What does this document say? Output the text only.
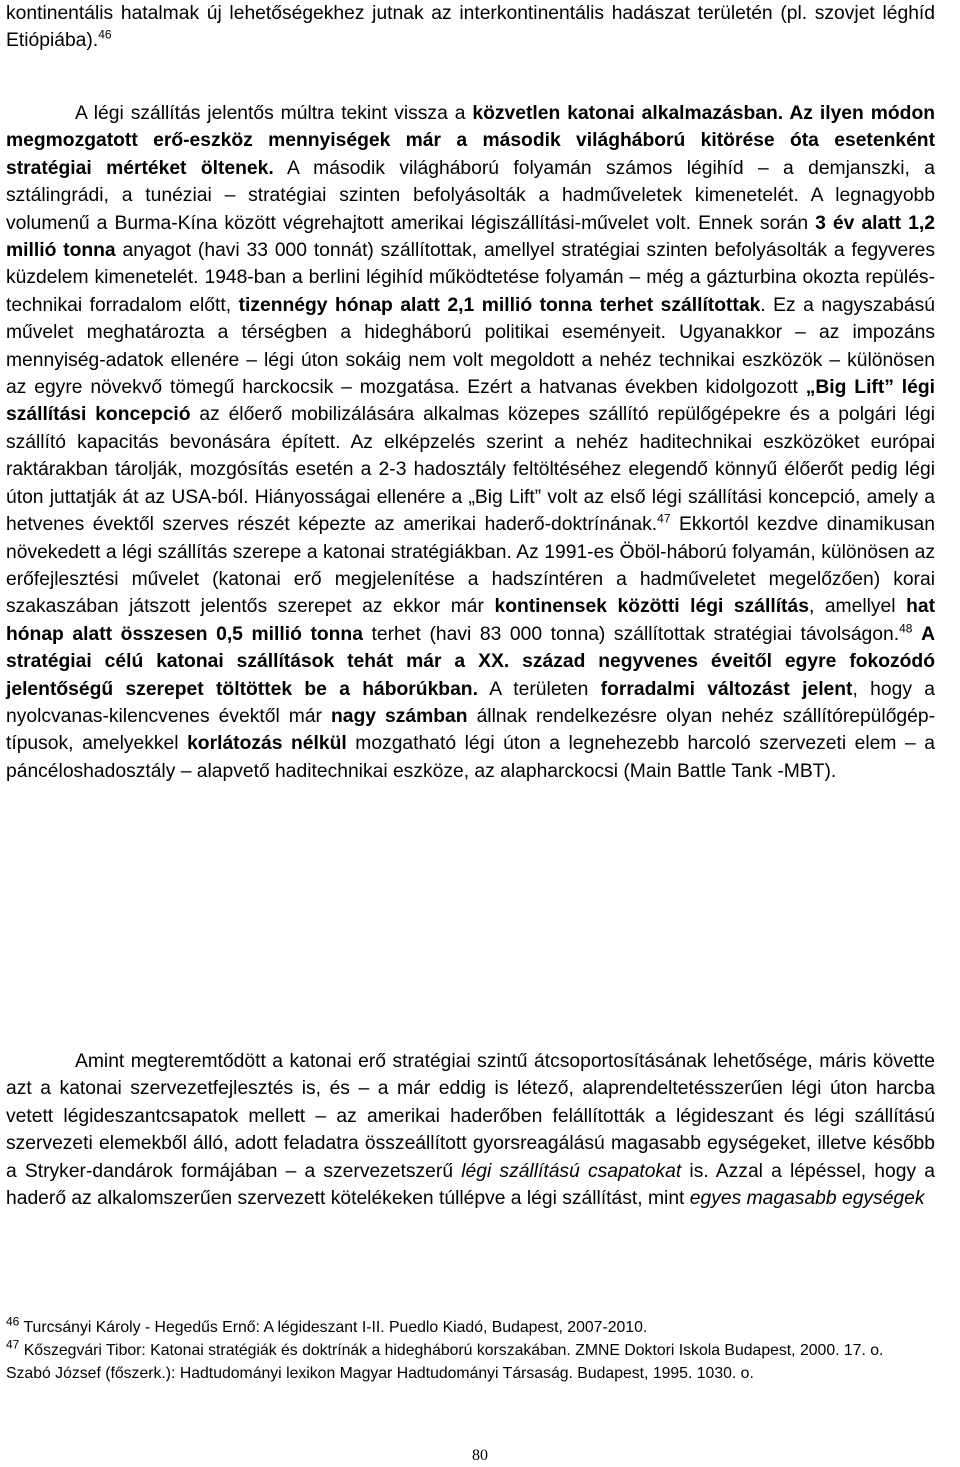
kontinentális hatalmak új lehetőségekhez jutnak az interkontinentális hadászat területén (pl. szovjet léghíd Etiópiába).$^{46}$

A légi szállítás jelentős múltra tekint vissza a közvetlen katonai alkalmazásban. Az ilyen módon megmozgatott erő-eszköz mennyiségek már a második világháború kitörése óta esetenként stratégiai mértéket öltenek. A második világháború folyamán számos légihíd – a demjanszki, a sztálingrádi, a tunéziai – stratégiai szinten befolyásolták a hadműveletek kimenetelét. A legnagyobb volumenű a Burma-Kína között végrehajtott amerikai légiszállítási-művelet volt. Ennek során 3 év alatt 1,2 millió tonna anyagot (havi 33 000 tonnát) szállítottak, amellyel stratégiai szinten befolyásolták a fegyveres küzdelem kimenetelét. 1948-ban a berlini légihíd működtetése folyamán – még a gázturbina okozta repülés-technikai forradalom előtt, tizennégy hónap alatt 2,1 millió tonna terhet szállítottak. Ez a nagyszabású művelet meghatározta a térségben a hidegháború politikai eseményeit. Ugyanakkor – az impozáns mennyiség-adatok ellenére – légi úton sokáig nem volt megoldott a nehéz technikai eszközök – különösen az egyre növekvő tömegű harckocsik – mozgatása. Ezért a hatvanas években kidolgozott „Big Lift” légi szállítási koncepció az élőerő mobilizálására alkalmas közepes szállító repülőgépekre és a polgári légi szállító kapacitás bevonására épített. Az elképzelés szerint a nehéz haditechnikai eszközöket európai raktárakban tárolják, mozgósítás esetén a 2-3 hadosztály feltöltéséhez elegendő könnyű élőerőt pedig légi úton juttatják át az USA-ból. Hiányosságai ellenére a „Big Lift” volt az első légi szállítási koncepció, amely a hetvenes évektől szerves részét képezte az amerikai haderő-doktrínának.$^{47}$ Ekkortól kezdve dinamikusan növekedett a légi szállítás szerepe a katonai stratégiákban. Az 1991-es Öböl-háború folyamán, különösen az erőfejlesztési művelet (katonai erő megjelenítése a hadszíntéren a hadműveletet megelőzően) korai szakaszában játszott jelentős szerepet az ekkor már kontinensek közötti légi szállítás, amellyel hat hónap alatt összesen 0,5 millió tonna terhet (havi 83 000 tonna) szállítottak stratégiai távolságon.$^{48}$ A stratégiai célú katonai szállítások tehát már a XX. század negyvenes éveitől egyre fokozódó jelentőségű szerepet töltöttek be a háborúkban. A területen forradalmi változást jelent, hogy a nyolcvanas-kilencvenes évektől már nagy számban állnak rendelkezésre olyan nehéz szállítórepülőgép-típusok, amelyekkel korlátozás nélkül mozgatható légi úton a legnehezebb harcoló szervezeti elem – a páncéloshadosztály – alapvető haditechnikai eszköze, az alapharckocsi (Main Battle Tank -MBT).

Amint megteremtődött a katonai erő stratégiai szintű átcsoportosításának lehetősége, máris követte azt a katonai szervezetfejlesztés is, és – a már eddig is létező, alaprendeltetésszerűen légi úton harcba vetett légideszantcsapatok mellett – az amerikai haderőben felállították a légideszant és légi szállítású szervezeti elemekből álló, adott feladatra összeállított gyorsreagálású magasabb egységeket, illetve később a Stryker-dandárok formájában – a szervezetszerű légi szállítású csapatokat is. Azzal a lépéssel, hogy a haderő az alkalomszerűen szervezett kötelékeken túllépve a légi szállítást, mint egyes magasabb egységek

$^{46}$ Turcsányi Károly - Hegedűs Ernő: A légideszant I-II. Puedlo Kiadó, Budapest, 2007-2010.
$^{47}$ Kőszegvári Tibor: Katonai stratégiák és doktrínák a hidegháború korszakában. ZMNE Doktori Iskola Budapest, 2000. 17. o.
Szabó József (főszerk.): Hadtudományi lexikon Magyar Hadtudományi Társaság. Budapest, 1995. 1030. o.
80
